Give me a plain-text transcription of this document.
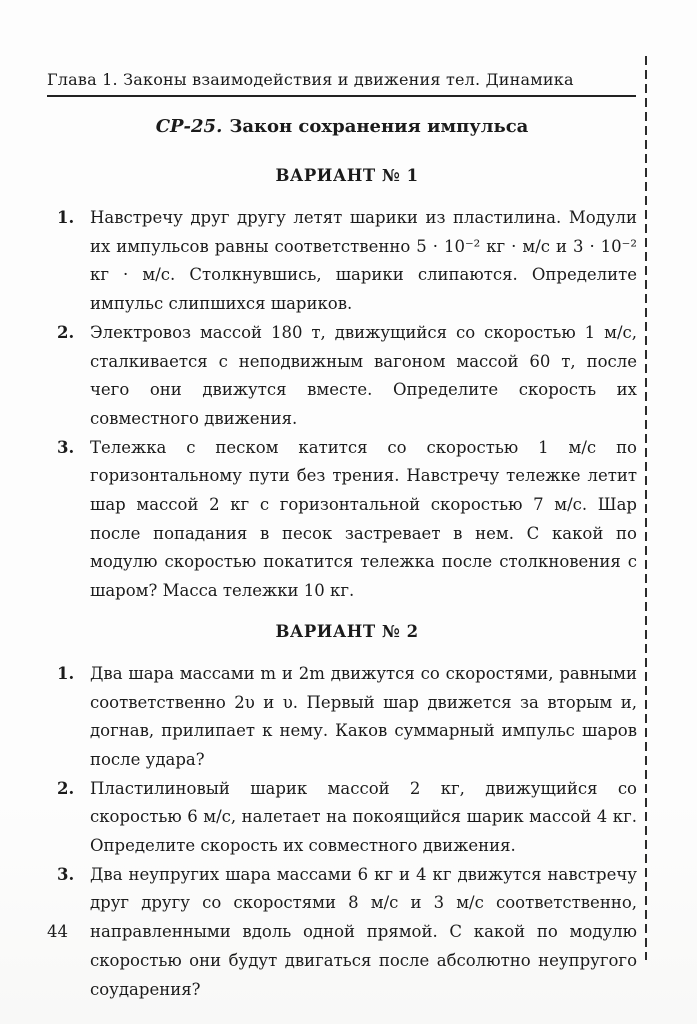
Глава 1. Законы взаимодействия и движения тел. Динамика
СР-25. Закон сохранения импульса
ВАРИАНТ № 1
1. Навстречу друг другу летят шарики из пластилина. Модули их импульсов равны соответственно 5 · 10⁻² кг · м/с и 3 · 10⁻² кг · м/с. Столкнувшись, шарики слипаются. Определите импульс слипшихся шариков.
2. Электровоз массой 180 т, движущийся со скоростью 1 м/с, сталкивается с неподвижным вагоном массой 60 т, после чего они движутся вместе. Определите скорость их совместного движения.
3. Тележка с песком катится со скоростью 1 м/с по горизонтальному пути без трения. Навстречу тележке летит шар массой 2 кг с горизонтальной скоростью 7 м/с. Шар после попадания в песок застревает в нем. С какой по модулю скоростью покатится тележка после столкновения с шаром? Масса тележки 10 кг.
ВАРИАНТ № 2
1. Два шара массами m и 2m движутся со скоростями, равными соответственно 2υ и υ. Первый шар движется за вторым и, догнав, прилипает к нему. Каков суммарный импульс шаров после удара?
2. Пластилиновый шарик массой 2 кг, движущийся со скоростью 6 м/с, налетает на покоящийся шарик массой 4 кг. Определите скорость их совместного движения.
3. Два неупругих шара массами 6 кг и 4 кг движутся навстречу друг другу со скоростями 8 м/с и 3 м/с соответственно, направленными вдоль одной прямой. С какой по модулю скоростью они будут двигаться после абсолютно неупругого соударения?
44
